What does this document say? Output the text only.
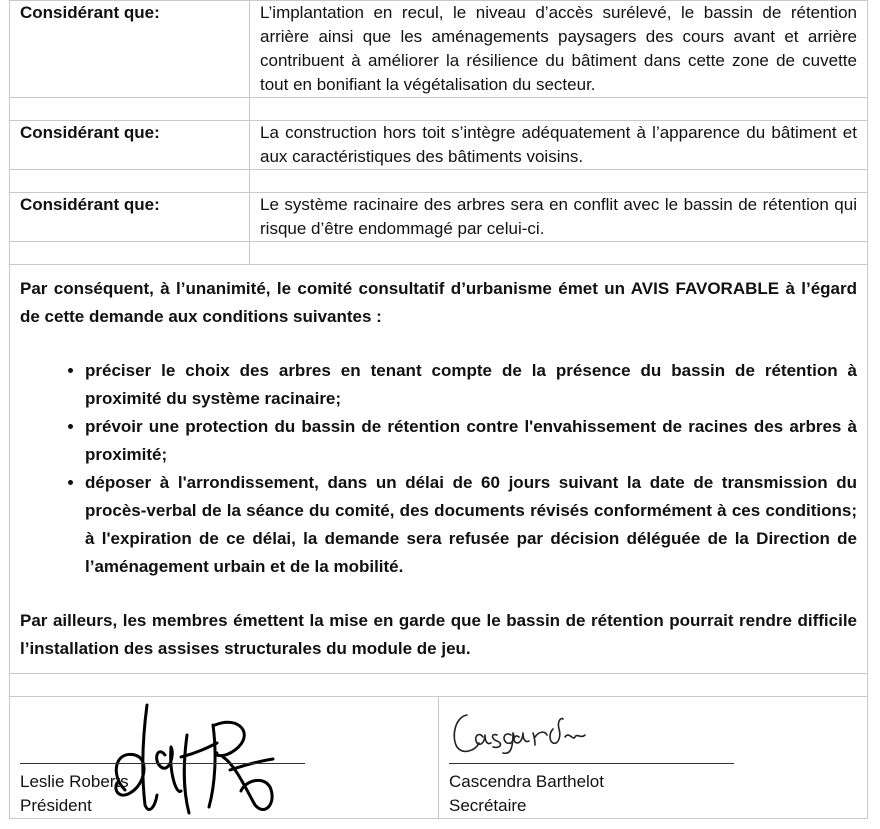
Considérant que:	L’implantation en recul, le niveau d’accès surélevé, le bassin de rétention arrière ainsi que les aménagements paysagers des cours avant et arrière contribuent à améliorer la résilience du bâtiment dans cette zone de cuvette tout en bonifiant la végétalisation du secteur.

Considérant que:	La construction hors toit s’intègre adéquatement à l’apparence du bâtiment et aux caractéristiques des bâtiments voisins.

Considérant que:	Le système racinaire des arbres sera en conflit avec le bassin de rétention qui risque d’être endommagé par celui-ci.

Par conséquent, à l’unanimité, le comité consultatif d’urbanisme émet un AVIS FAVORABLE à l’égard de cette demande aux conditions suivantes :

• préciser le choix des arbres en tenant compte de la présence du bassin de rétention à proximité du système racinaire;
• prévoir une protection du bassin de rétention contre l'envahissement de racines des arbres à proximité;
• déposer à l'arrondissement, dans un délai de 60 jours suivant la date de transmission du procès-verbal de la séance du comité, des documents révisés conformément à ces conditions; à l'expiration de ce délai, la demande sera refusée par décision déléguée de la Direction de l’aménagement urbain et de la mobilité.

Par ailleurs, les membres émettent la mise en garde que le bassin de rétention pourrait rendre difficile l’installation des assises structurales du module de jeu.

Leslie Roberts
Président
Cascendra Barthelot
Secrétaire
